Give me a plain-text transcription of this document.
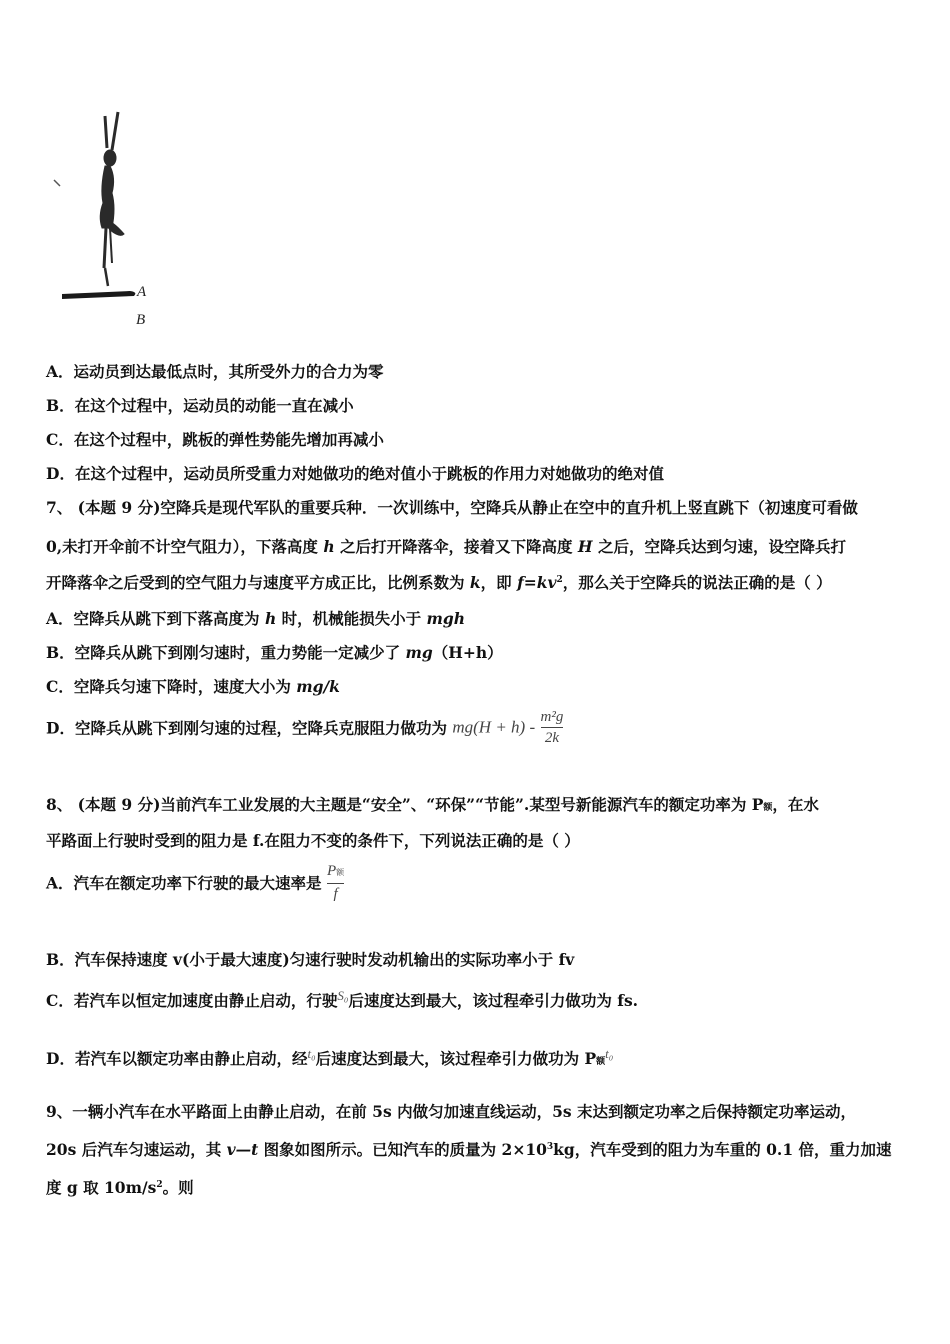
A
B
A．运动员到达最低点时，其所受外力的合力为零
B．在这个过程中，运动员的动能一直在减小
C．在这个过程中，跳板的弹性势能先增加再减小
D．在这个过程中，运动员所受重力对她做功的绝对值小于跳板的作用力对她做功的绝对值
7、 (本题 9 分)空降兵是现代军队的重要兵种．一次训练中，空降兵从静止在空中的直升机上竖直跳下（初速度可看做
0,未打开伞前不计空气阻力），下落高度 h 之后打开降落伞，接着又下降高度 H 之后，空降兵达到匀速，设空降兵打
开降落伞之后受到的空气阻力与速度平方成正比，比例系数为 k，即 $f=kv^2$，那么关于空降兵的说法正确的是（ ）
A．空降兵从跳下到下落高度为 h 时，机械能损失小于 mgh
B．空降兵从跳下到刚匀速时，重力势能一定减少了 mg（H+h）
C．空降兵匀速下降时，速度大小为 mg/k
D．空降兵从跳下到刚匀速的过程，空降兵克服阻力做功为 $mg(H + h) - \frac{\text{m²g}}{2k}$
8、 (本题 9 分)当前汽车工业发展的大主题是“安全”、“环保”“节能”.某型号新能源汽车的额定功率为 P额，在水
平路面上行驶时受到的阻力是 f.在阻力不变的条件下，下列说法正确的是（ ）
A．汽车在额定功率下行驶的最大速率是 $\frac{\text{P额}}{f}$
B．汽车保持速度 v(小于最大速度)匀速行驶时发动机输出的实际功率小于 fv
C．若汽车以恒定加速度由静止启动，行驶$^{S_0}$后速度达到最大，该过程牵引力做功为 fs.
D．若汽车以额定功率由静止启动，经$^{t_0}$后速度达到最大，该过程牵引力做功为 P额$^{t_0}$
9、一辆小汽车在水平路面上由静止启动，在前 5s 内做匀加速直线运动，5s 末达到额定功率之后保持额定功率运动，
20s 后汽车匀速运动，其 v—t 图象如图所示。已知汽车的质量为 $2\times 10^3kg$，汽车受到的阻力为车重的 0.1 倍，重力加速
度 g 取 $10m/s^2$。则
